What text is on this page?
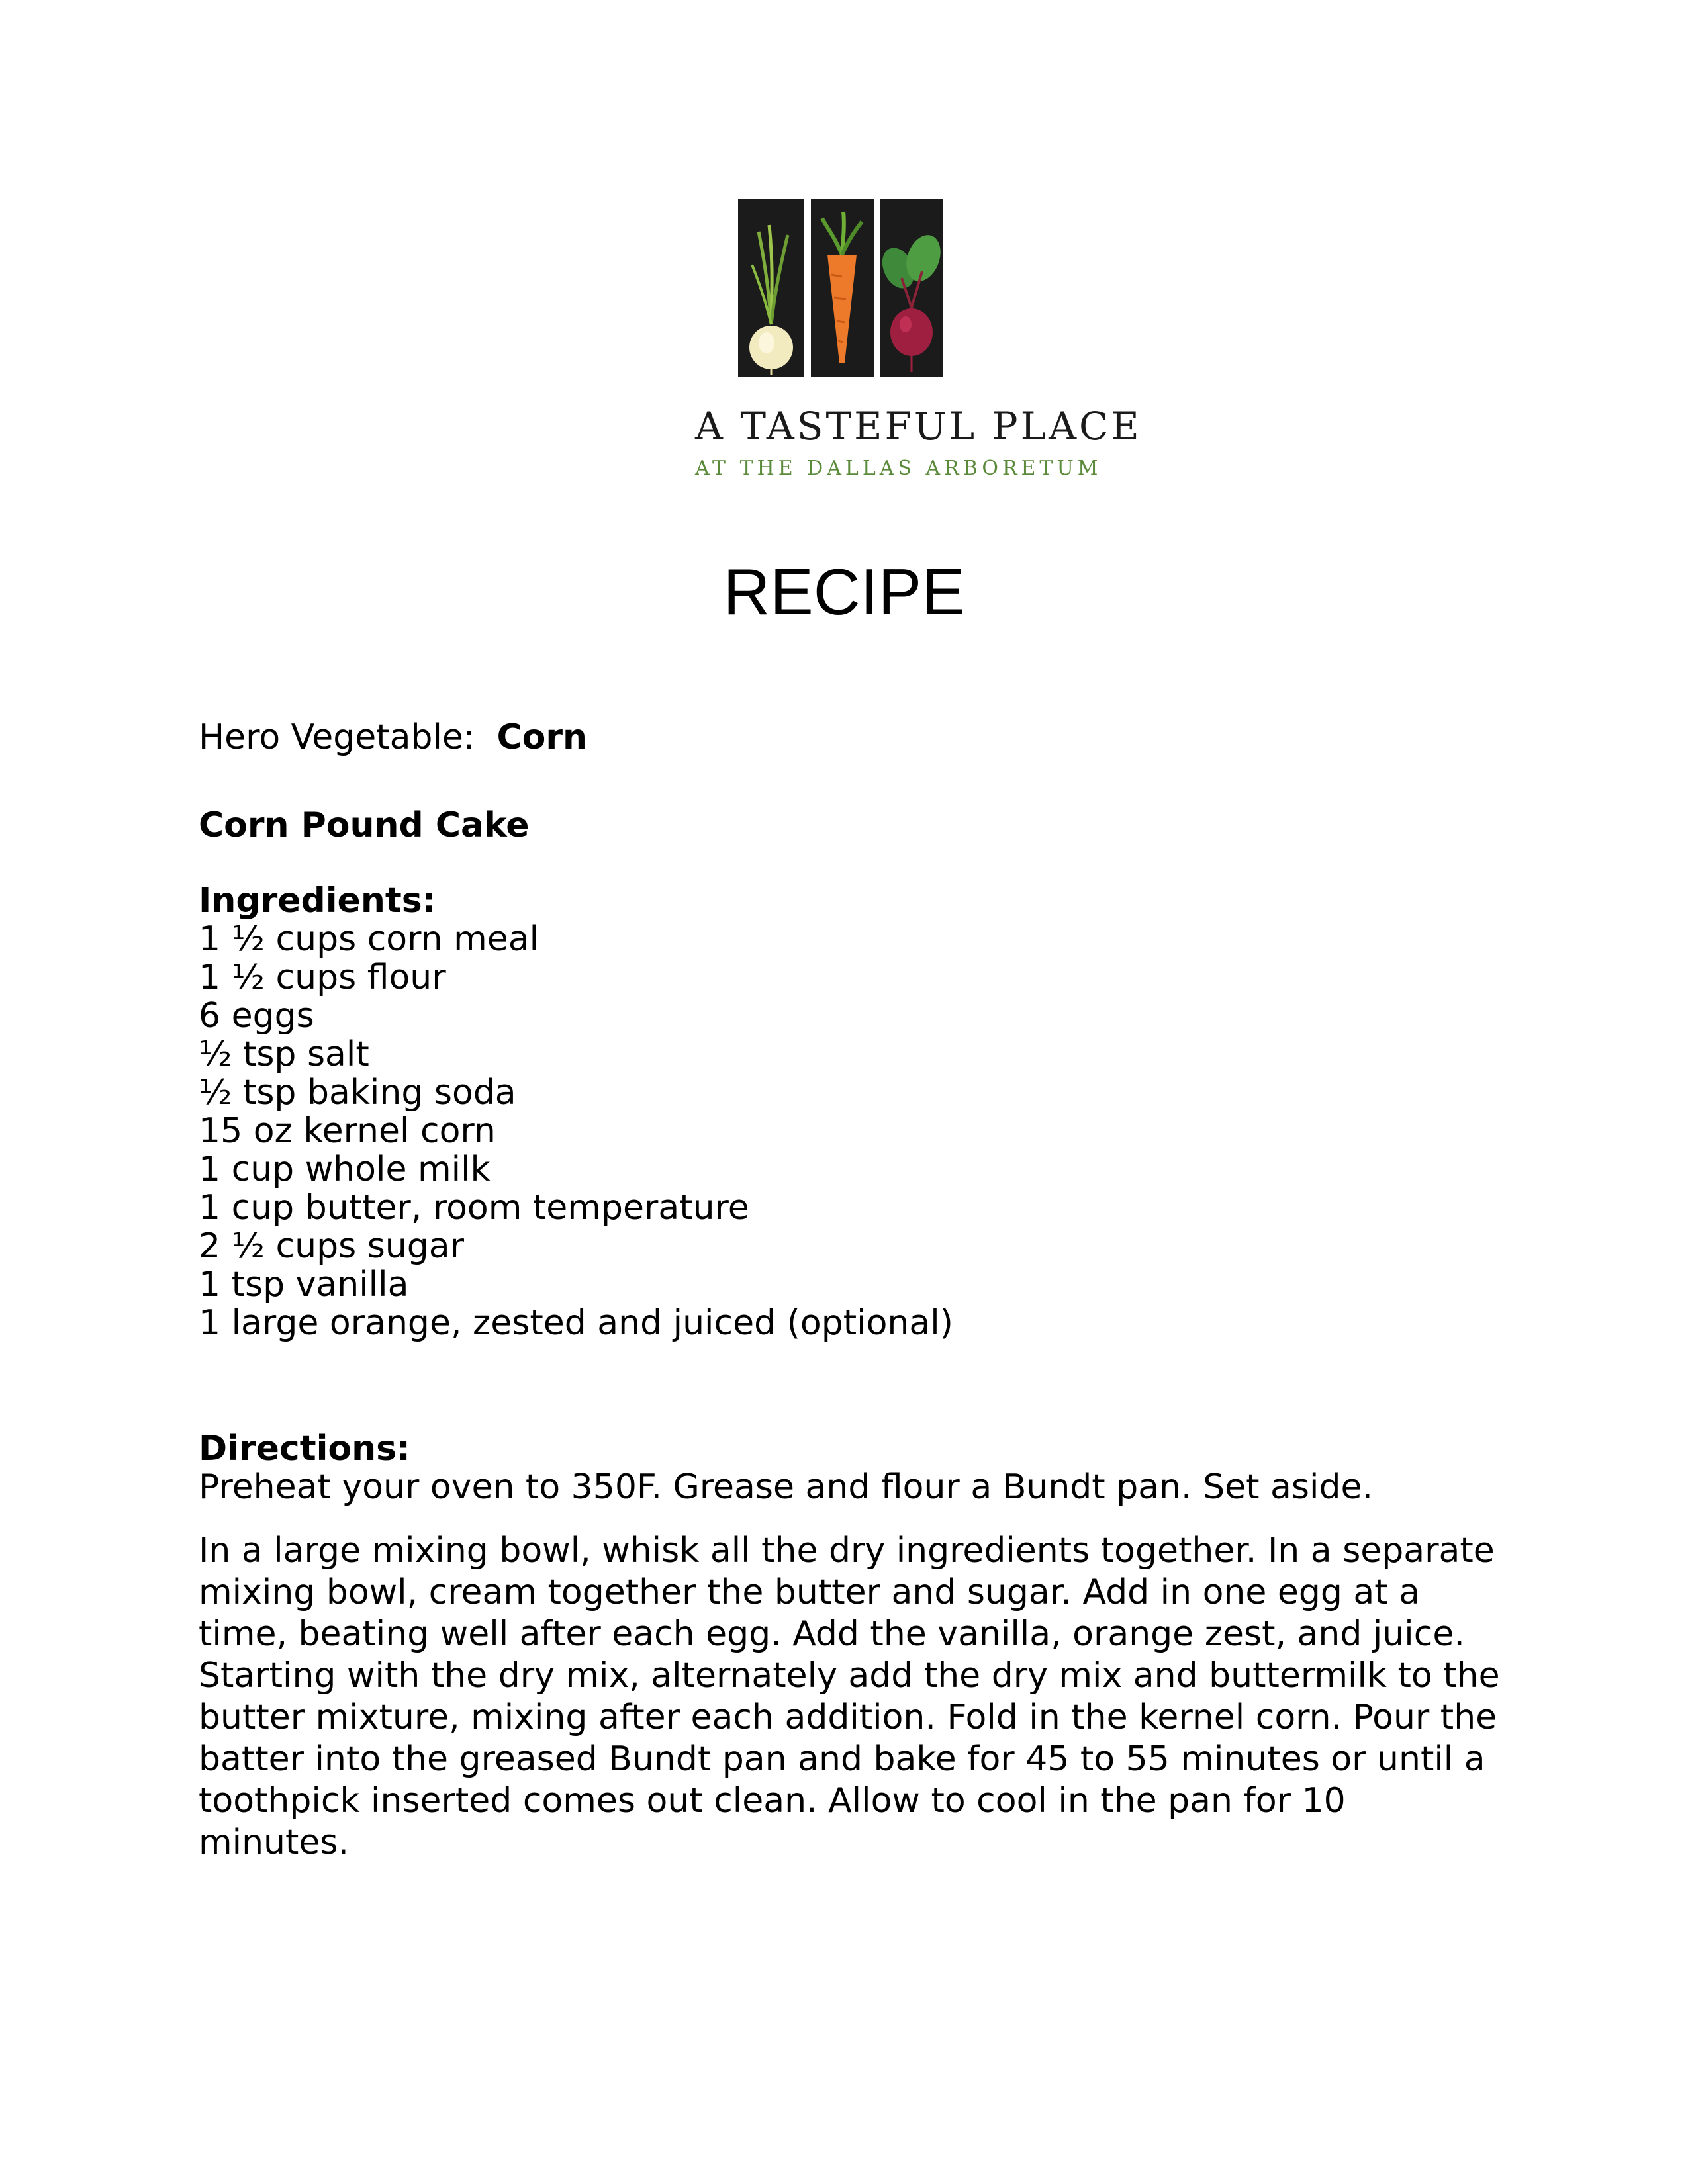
A TASTEFUL PLACE
AT THE DALLAS ARBORETUM
RECIPE
Hero Vegetable: Corn
Corn Pound Cake
Ingredients:
1 ½ cups corn meal
1 ½ cups flour
6 eggs
½ tsp salt
½ tsp baking soda
15 oz kernel corn
1 cup whole milk
1 cup butter, room temperature
2 ½ cups sugar
1 tsp vanilla
1 large orange, zested and juiced (optional)
Directions:

Preheat your oven to 350F. Grease and flour a Bundt pan. Set aside.

In a large mixing bowl, whisk all the dry ingredients together. In a separate mixing bowl, cream together the butter and sugar. Add in one egg at a time, beating well after each egg. Add the vanilla, orange zest, and juice. Starting with the dry mix, alternately add the dry mix and buttermilk to the butter mixture, mixing after each addition. Fold in the kernel corn. Pour the batter into the greased Bundt pan and bake for 45 to 55 minutes or until a toothpick inserted comes out clean. Allow to cool in the pan for 10 minutes.
